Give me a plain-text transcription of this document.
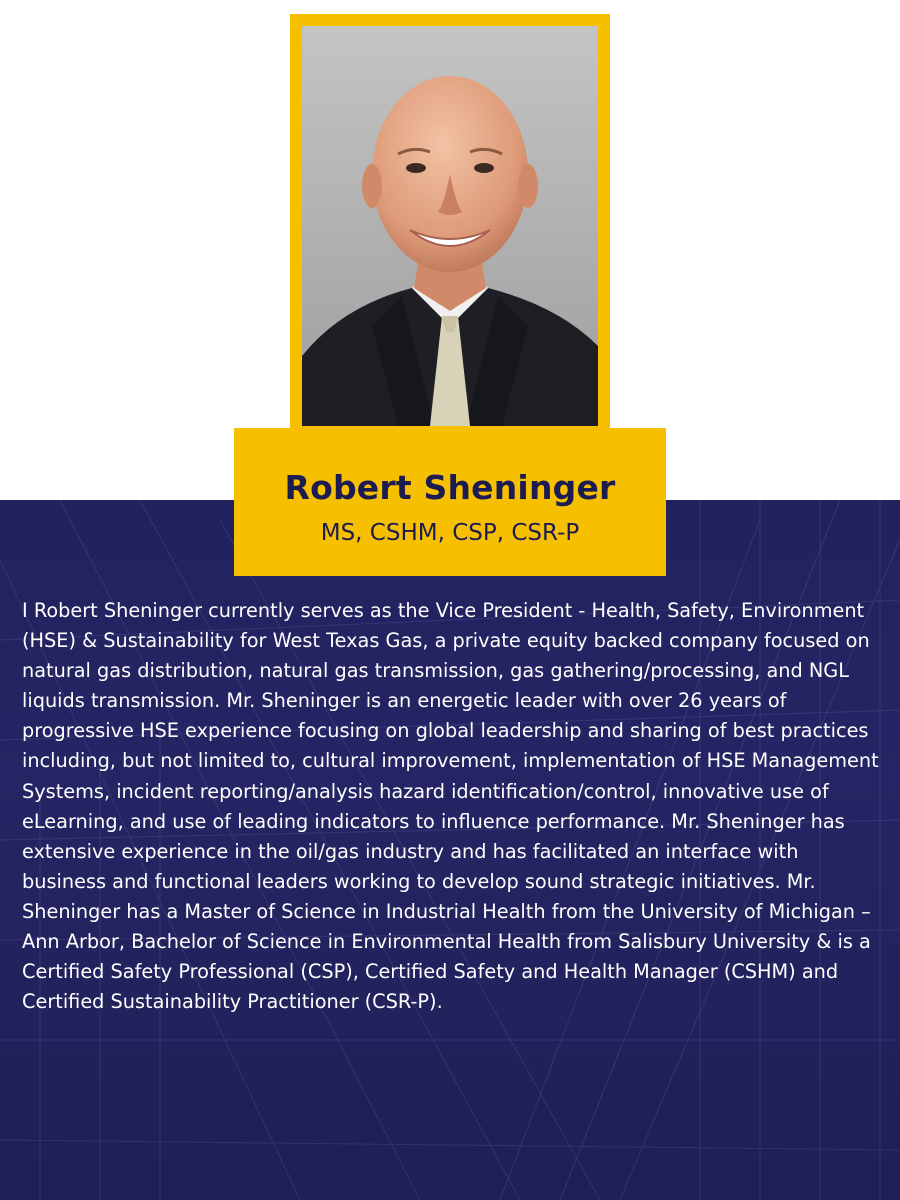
Robert Sheninger
MS, CSHM, CSP, CSR-P
I Robert Sheninger currently serves as the Vice President - Health, Safety, Environment (HSE) & Sustainability for West Texas Gas, a private equity backed company focused on natural gas distribution, natural gas transmission, gas gathering/processing, and NGL liquids transmission. Mr. Sheninger is an energetic leader with over 26 years of progressive HSE experience focusing on global leadership and sharing of best practices including, but not limited to, cultural improvement, implementation of HSE Management Systems, incident reporting/analysis hazard identification/control, innovative use of eLearning, and use of leading indicators to influence performance. Mr. Sheninger has extensive experience in the oil/gas industry and has facilitated an interface with business and functional leaders working to develop sound strategic initiatives. Mr. Sheninger has a Master of Science in Industrial Health from the University of Michigan – Ann Arbor, Bachelor of Science in Environmental Health from Salisbury University & is a Certified Safety Professional (CSP), Certified Safety and Health Manager (CSHM) and Certified Sustainability Practitioner (CSR-P).
